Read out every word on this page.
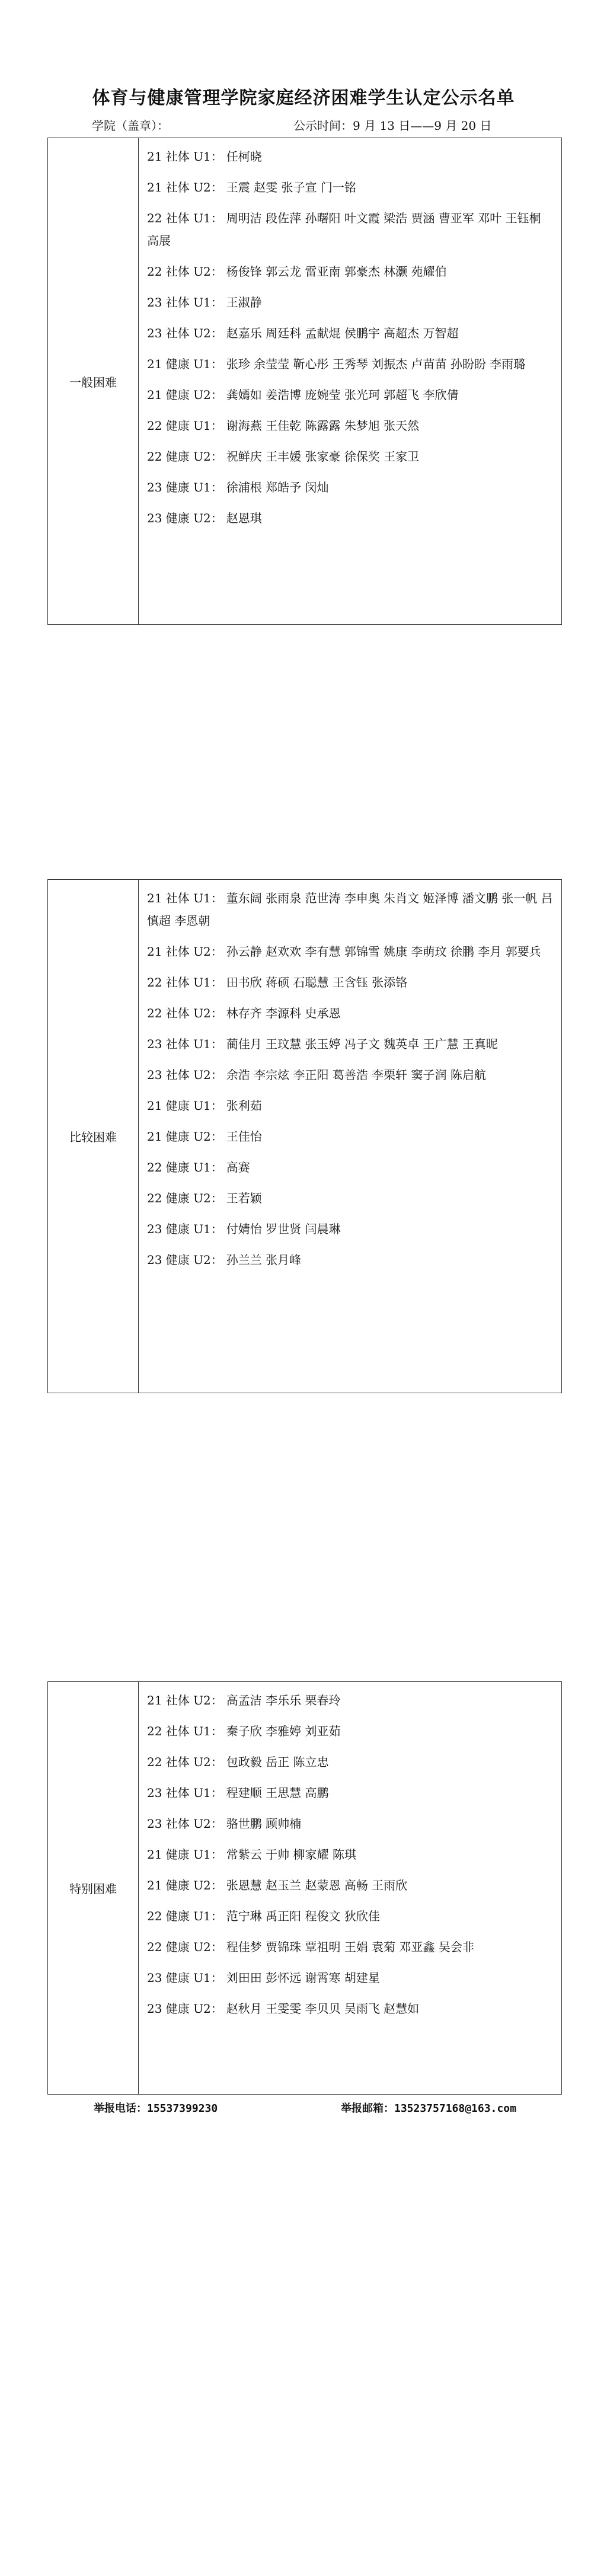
体育与健康管理学院家庭经济困难学生认定公示名单
学院（盖章）：	公示时间：9 月 13 日——9 月 20 日
一般困难	
21 社体 U1： 任柯晓
21 社体 U2： 王震 赵雯 张子宣 门一铭
22 社体 U1： 周明洁 段佐萍 孙曙阳 叶文霞 梁浩 贾涵 曹亚军 邓叶 王钰桐 高展
22 社体 U2： 杨俊锋 郭云龙 雷亚南 郭豪杰 林灏 苑耀伯
23 社体 U1： 王淑静
23 社体 U2： 赵嘉乐 周廷科 孟献焜 侯鹏宇 高超杰 万智超
21 健康 U1： 张珍 余莹莹 靳心彤 王秀琴 刘振杰 卢苗苗 孙盼盼 李雨璐
21 健康 U2： 龚嫣如 姜浩博 庞婉莹 张光珂 郭超飞 李欣倩
22 健康 U1： 谢海燕 王佳乾 陈露露 朱梦旭 张天然
22 健康 U2： 祝鲜庆 王丰媛 张家豪 徐保奖 王家卫
23 健康 U1： 徐浦根 郑皓予 闵灿
23 健康 U2： 赵恩琪
比较困难	
21 社体 U1： 董东阔 张雨泉 范世涛 李申奥 朱肖文 姬泽博 潘文鹏 张一帆 吕慎超 李恩朝
21 社体 U2： 孙云静 赵欢欢 李有慧 郭锦雪 姚康 李萌玟 徐鹏 李月 郭要兵
22 社体 U1： 田书欣 蒋硕 石聪慧 王含钰 张添铬
22 社体 U2： 林存齐 李源科 史承恩
23 社体 U1： 蔺佳月 王玟慧 张玉婷 冯子文 魏英卓 王广慧 王真昵
23 社体 U2： 余浩 李宗炫 李正阳 葛善浩 李栗轩 窦子润 陈启航
21 健康 U1： 张利茹
21 健康 U2： 王佳怡
22 健康 U1： 高赛
22 健康 U2： 王若颖
23 健康 U1： 付婧怡 罗世贤 闫晨琳
23 健康 U2： 孙兰兰 张月峰
特别困难	
21 社体 U2： 高孟洁 李乐乐 栗春玲
22 社体 U1： 秦子欣 李雅婷 刘亚茹
22 社体 U2： 包政毅 岳正 陈立忠
23 社体 U1： 程建顺 王思慧 高鹏
23 社体 U2： 骆世鹏 顾帅楠
21 健康 U1： 常紫云 于帅 柳家耀 陈琪
21 健康 U2： 张恩慧 赵玉兰 赵蒙恩 高畅 王雨欣
22 健康 U1： 范宁琳 禹正阳 程俊文 狄欣佳
22 健康 U2： 程佳梦 贾锦珠 覃祖明 王娟 袁菊 邓亚鑫 吴会非
23 健康 U1： 刘田田 彭怀远 谢霄寒 胡建星
23 健康 U2： 赵秋月 王雯雯 李贝贝 吴雨飞 赵慧如
举报电话：15537399230	举报邮箱：13523757168@163.com
